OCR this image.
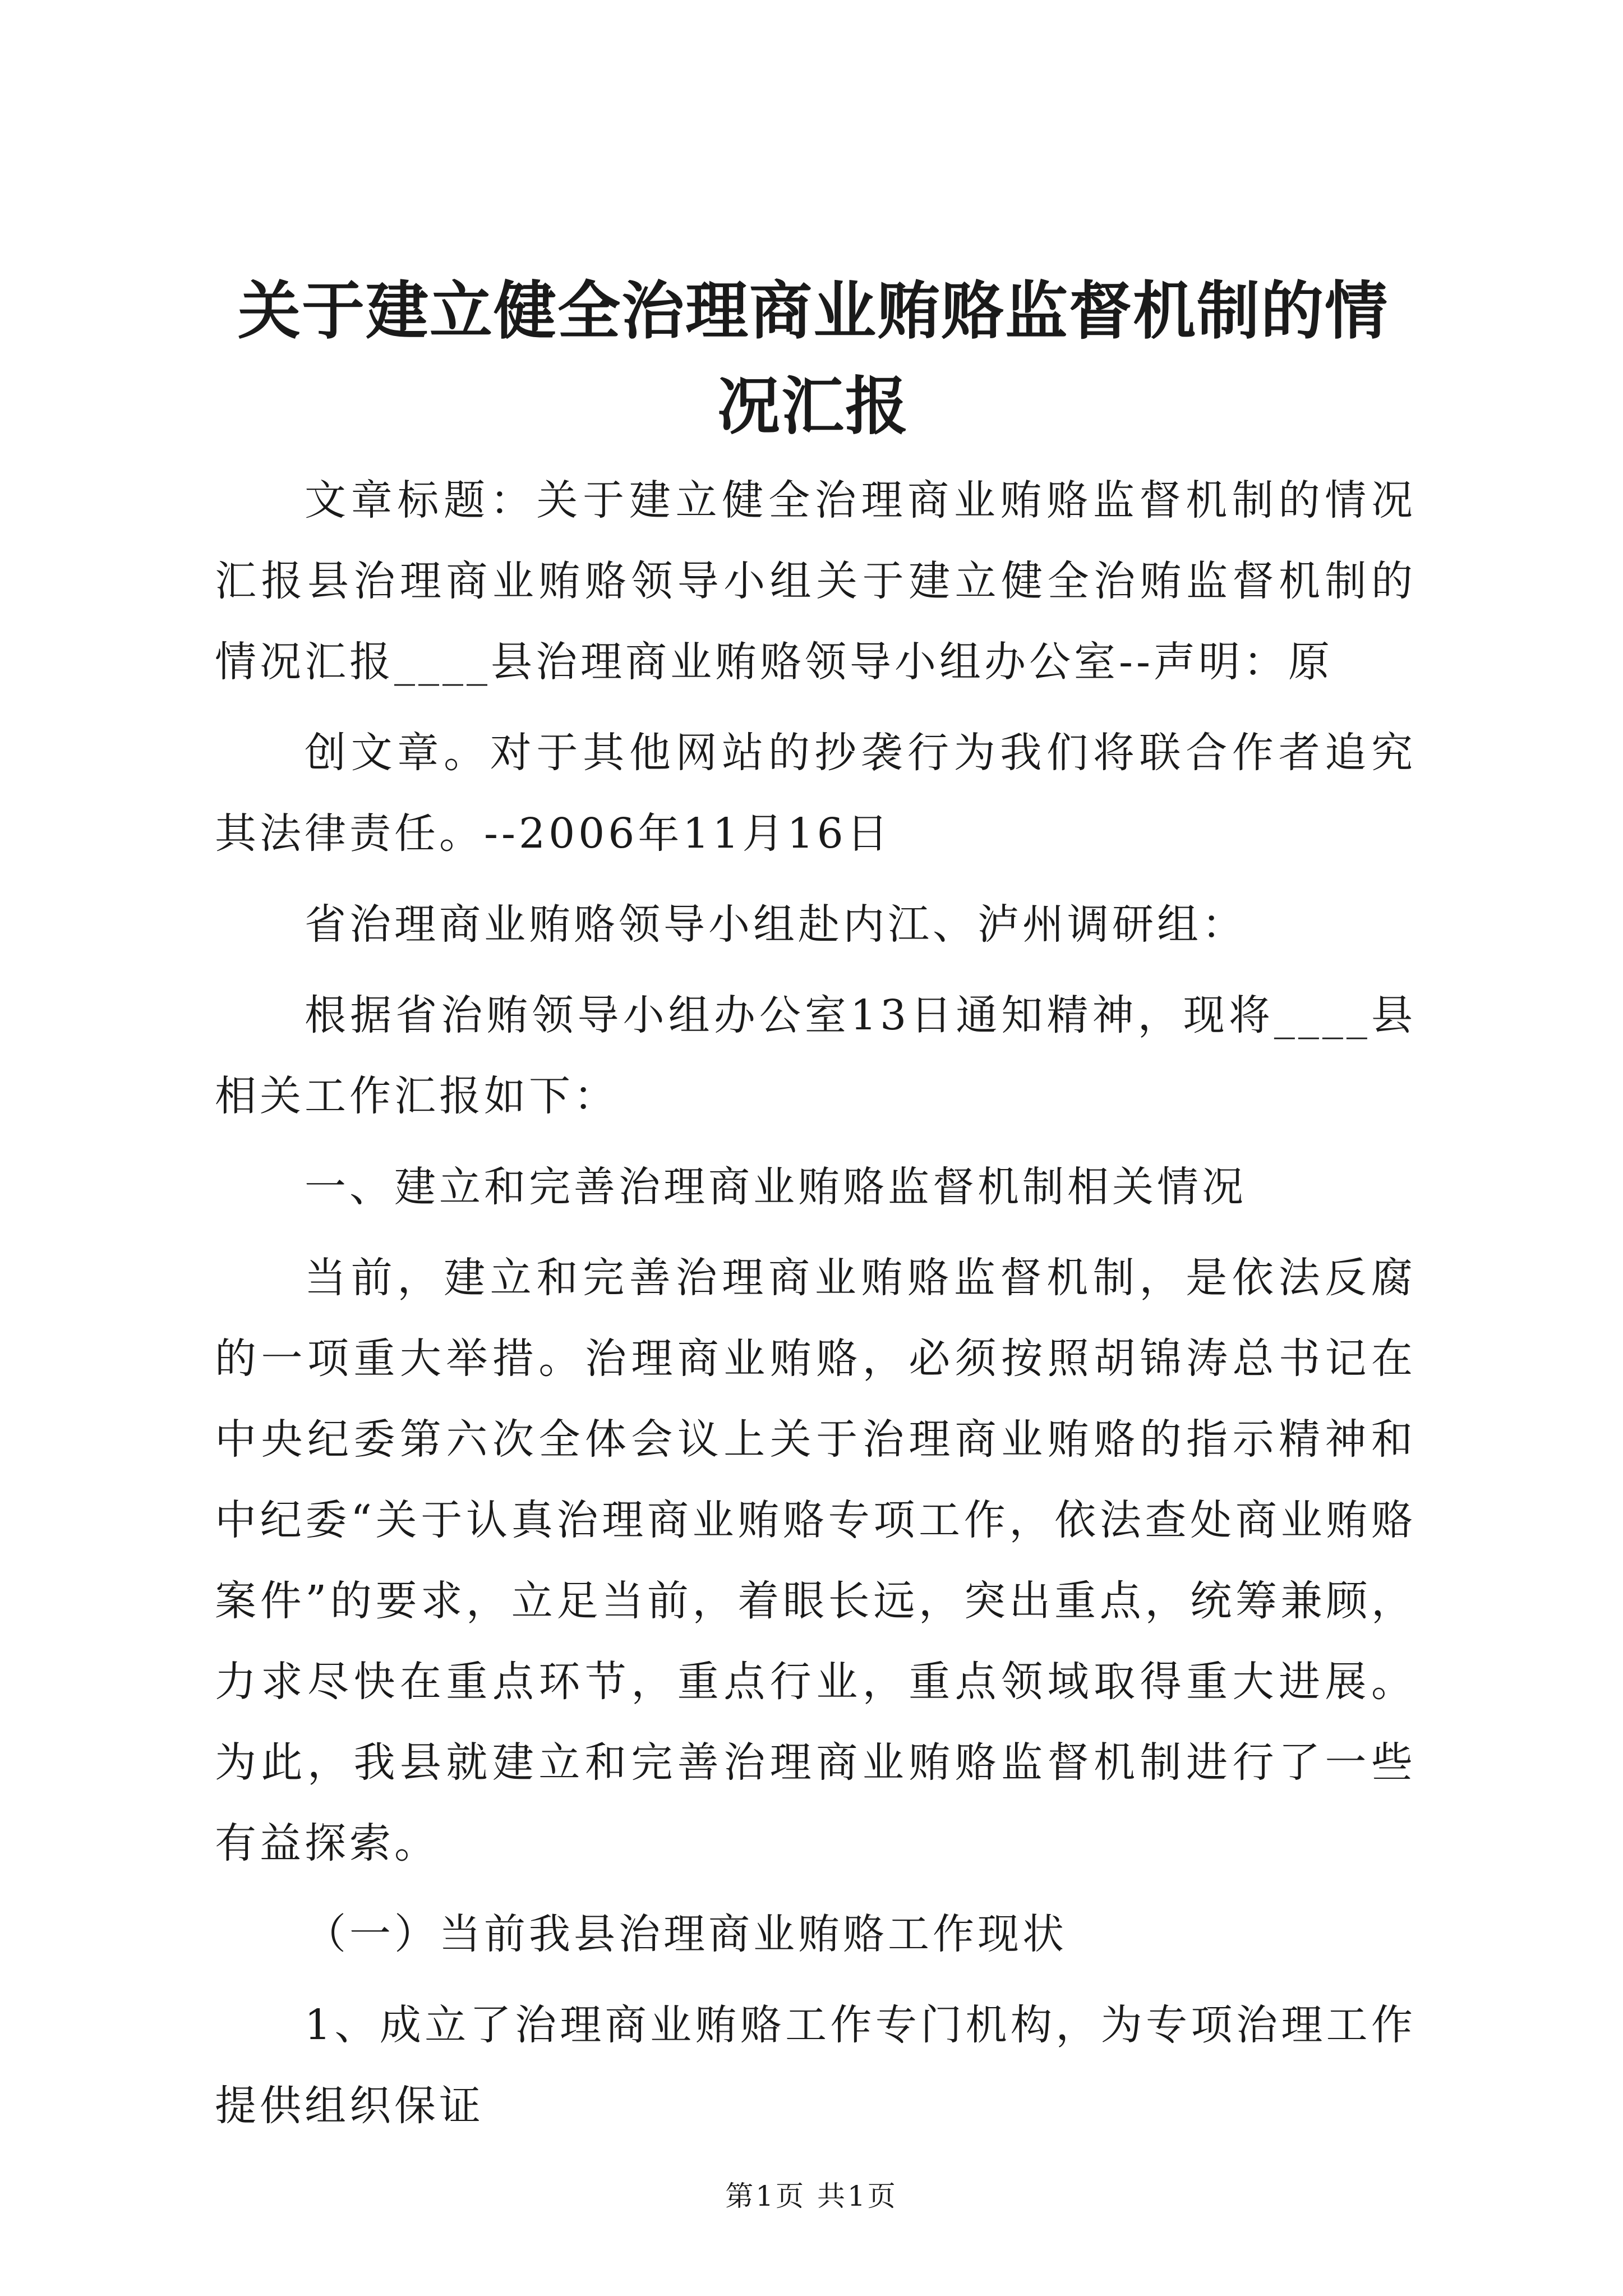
关于建立健全治理商业贿赂监督机制的情况汇报

文章标题：关于建立健全治理商业贿赂监督机制的情况汇报县治理商业贿赂领导小组关于建立健全治贿监督机制的情况汇报____县治理商业贿赂领导小组办公室--声明：原

创文章。对于其他网站的抄袭行为我们将联合作者追究其法律责任。--2006年11月16日

省治理商业贿赂领导小组赴内江、泸州调研组：

根据省治贿领导小组办公室13日通知精神，现将____县相关工作汇报如下：

一、建立和完善治理商业贿赂监督机制相关情况

当前，建立和完善治理商业贿赂监督机制，是依法反腐的一项重大举措。治理商业贿赂，必须按照胡锦涛总书记在中央纪委第六次全体会议上关于治理商业贿赂的指示精神和中纪委“关于认真治理商业贿赂专项工作，依法查处商业贿赂案件”的要求，立足当前，着眼长远，突出重点，统筹兼顾，力求尽快在重点环节，重点行业，重点领域取得重大进展。为此，我县就建立和完善治理商业贿赂监督机制进行了一些有益探索。

（一）当前我县治理商业贿赂工作现状

1、成立了治理商业贿赂工作专门机构，为专项治理工作提供组织保证

第1页 共1页
